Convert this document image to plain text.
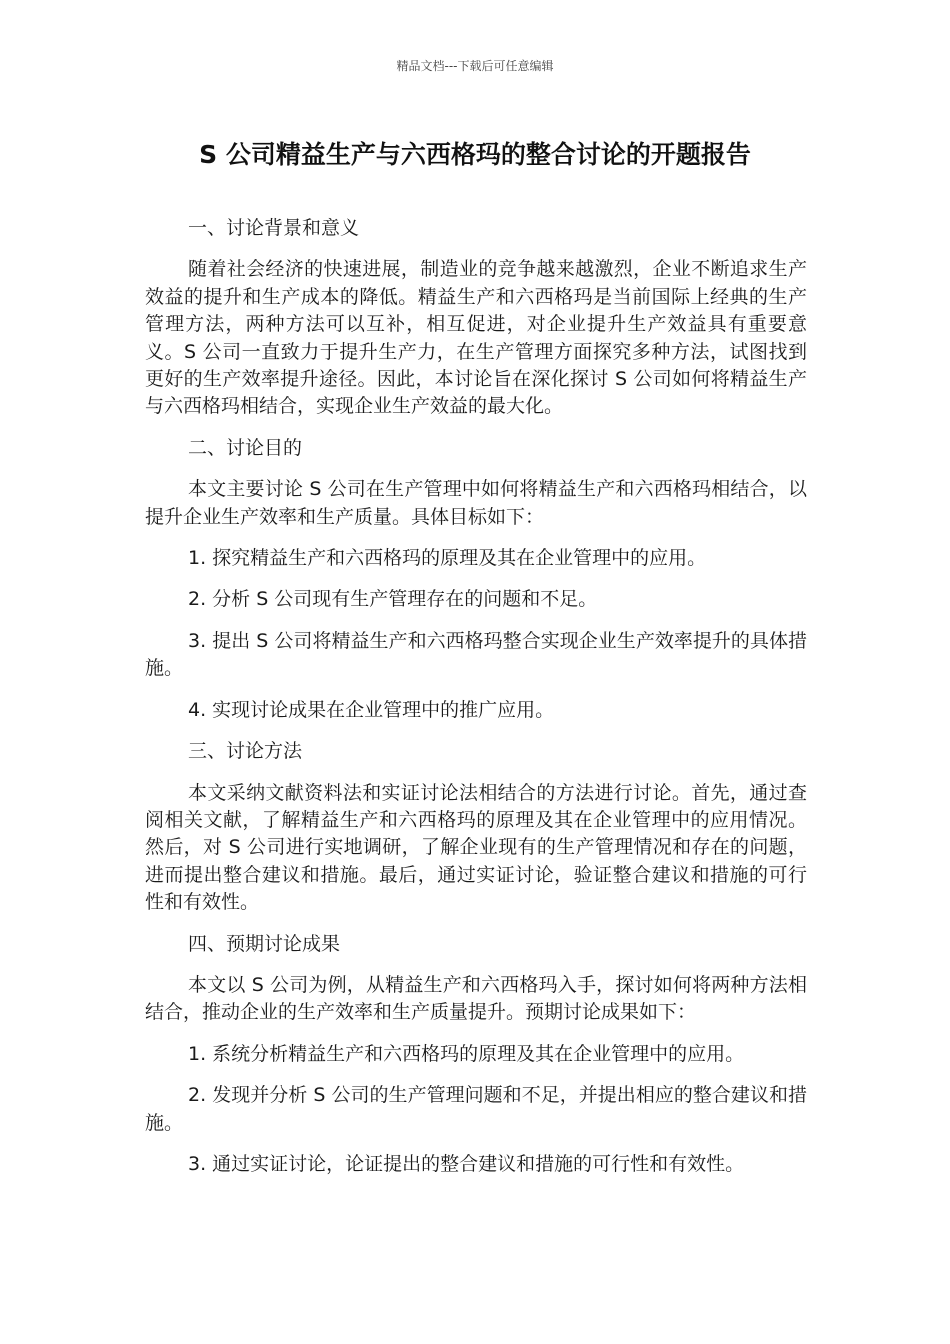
精品文档---下载后可任意编辑
S 公司精益生产与六西格玛的整合讨论的开题报告

一、讨论背景和意义

随着社会经济的快速进展，制造业的竞争越来越激烈，企业不断追求生产效益的提升和生产成本的降低。精益生产和六西格玛是当前国际上经典的生产管理方法，两种方法可以互补，相互促进，对企业提升生产效益具有重要意义。S 公司一直致力于提升生产力，在生产管理方面探究多种方法，试图找到更好的生产效率提升途径。因此，本讨论旨在深化探讨 S 公司如何将精益生产与六西格玛相结合，实现企业生产效益的最大化。

二、讨论目的

本文主要讨论 S 公司在生产管理中如何将精益生产和六西格玛相结合，以提升企业生产效率和生产质量。具体目标如下：

1. 探究精益生产和六西格玛的原理及其在企业管理中的应用。

2. 分析 S 公司现有生产管理存在的问题和不足。

3. 提出 S 公司将精益生产和六西格玛整合实现企业生产效率提升的具体措施。

4. 实现讨论成果在企业管理中的推广应用。

三、讨论方法

本文采纳文献资料法和实证讨论法相结合的方法进行讨论。首先，通过查阅相关文献，了解精益生产和六西格玛的原理及其在企业管理中的应用情况。然后，对 S 公司进行实地调研，了解企业现有的生产管理情况和存在的问题，进而提出整合建议和措施。最后，通过实证讨论，验证整合建议和措施的可行性和有效性。

四、预期讨论成果

本文以 S 公司为例，从精益生产和六西格玛入手，探讨如何将两种方法相结合，推动企业的生产效率和生产质量提升。预期讨论成果如下：

1. 系统分析精益生产和六西格玛的原理及其在企业管理中的应用。

2. 发现并分析 S 公司的生产管理问题和不足，并提出相应的整合建议和措施。

3. 通过实证讨论，论证提出的整合建议和措施的可行性和有效性。
